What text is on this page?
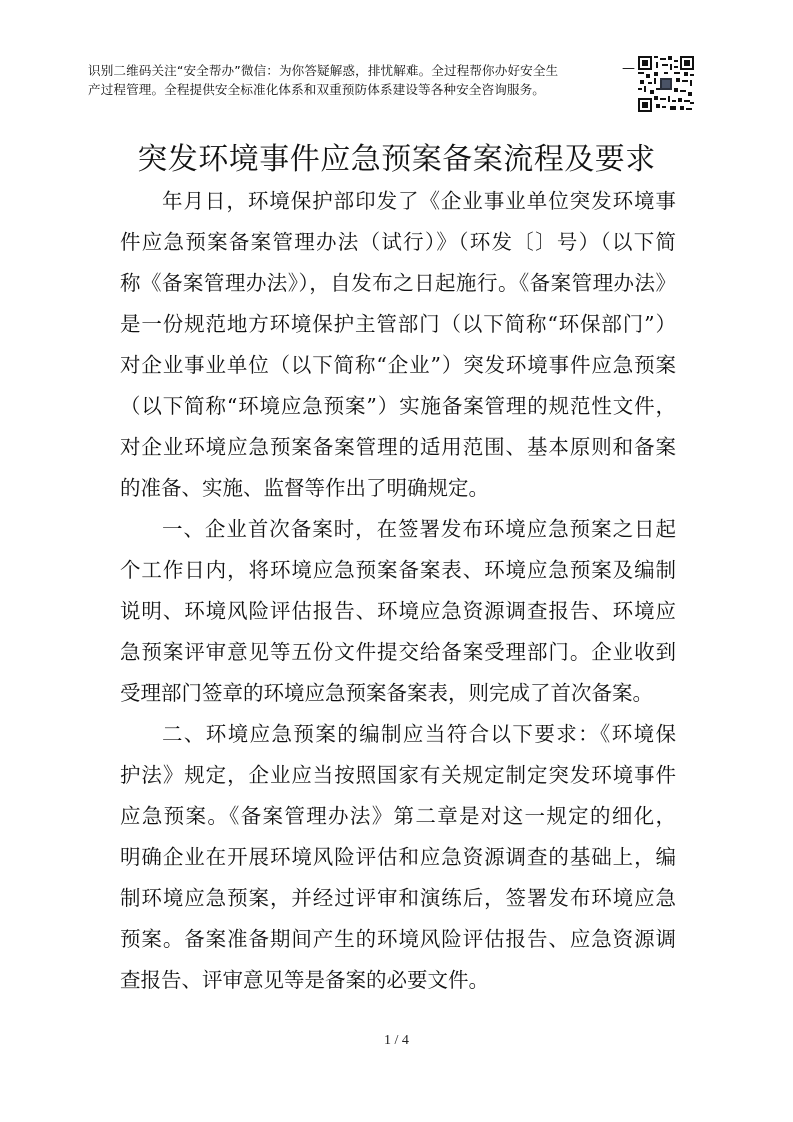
识别二维码关注“安全帮办”微信：为你答疑解惑，排忧解难。全过程帮你办好安全生
产过程管理。全程提供安全标准化体系和双重预防体系建设等各种安全咨询服务。
—
突发环境事件应急预案备案流程及要求
年月日，环境保护部印发了《企业事业单位突发环境事
件应急预案备案管理办法（试行）》（环发〔〕号）（以下简
称《备案管理办法》），自发布之日起施行。《备案管理办法》
是一份规范地方环境保护主管部门（以下简称“环保部门”）
对企业事业单位（以下简称“企业”）突发环境事件应急预案
（以下简称“环境应急预案”）实施备案管理的规范性文件，
对企业环境应急预案备案管理的适用范围、基本原则和备案
的准备、实施、监督等作出了明确规定。
一、企业首次备案时，在签署发布环境应急预案之日起
个工作日内，将环境应急预案备案表、环境应急预案及编制
说明、环境风险评估报告、环境应急资源调查报告、环境应
急预案评审意见等五份文件提交给备案受理部门。企业收到
受理部门签章的环境应急预案备案表，则完成了首次备案。
二、环境应急预案的编制应当符合以下要求：《环境保
护法》规定，企业应当按照国家有关规定制定突发环境事件
应急预案。《备案管理办法》第二章是对这一规定的细化，
明确企业在开展环境风险评估和应急资源调查的基础上，编
制环境应急预案，并经过评审和演练后，签署发布环境应急
预案。备案准备期间产生的环境风险评估报告、应急资源调
查报告、评审意见等是备案的必要文件。
1 / 4
